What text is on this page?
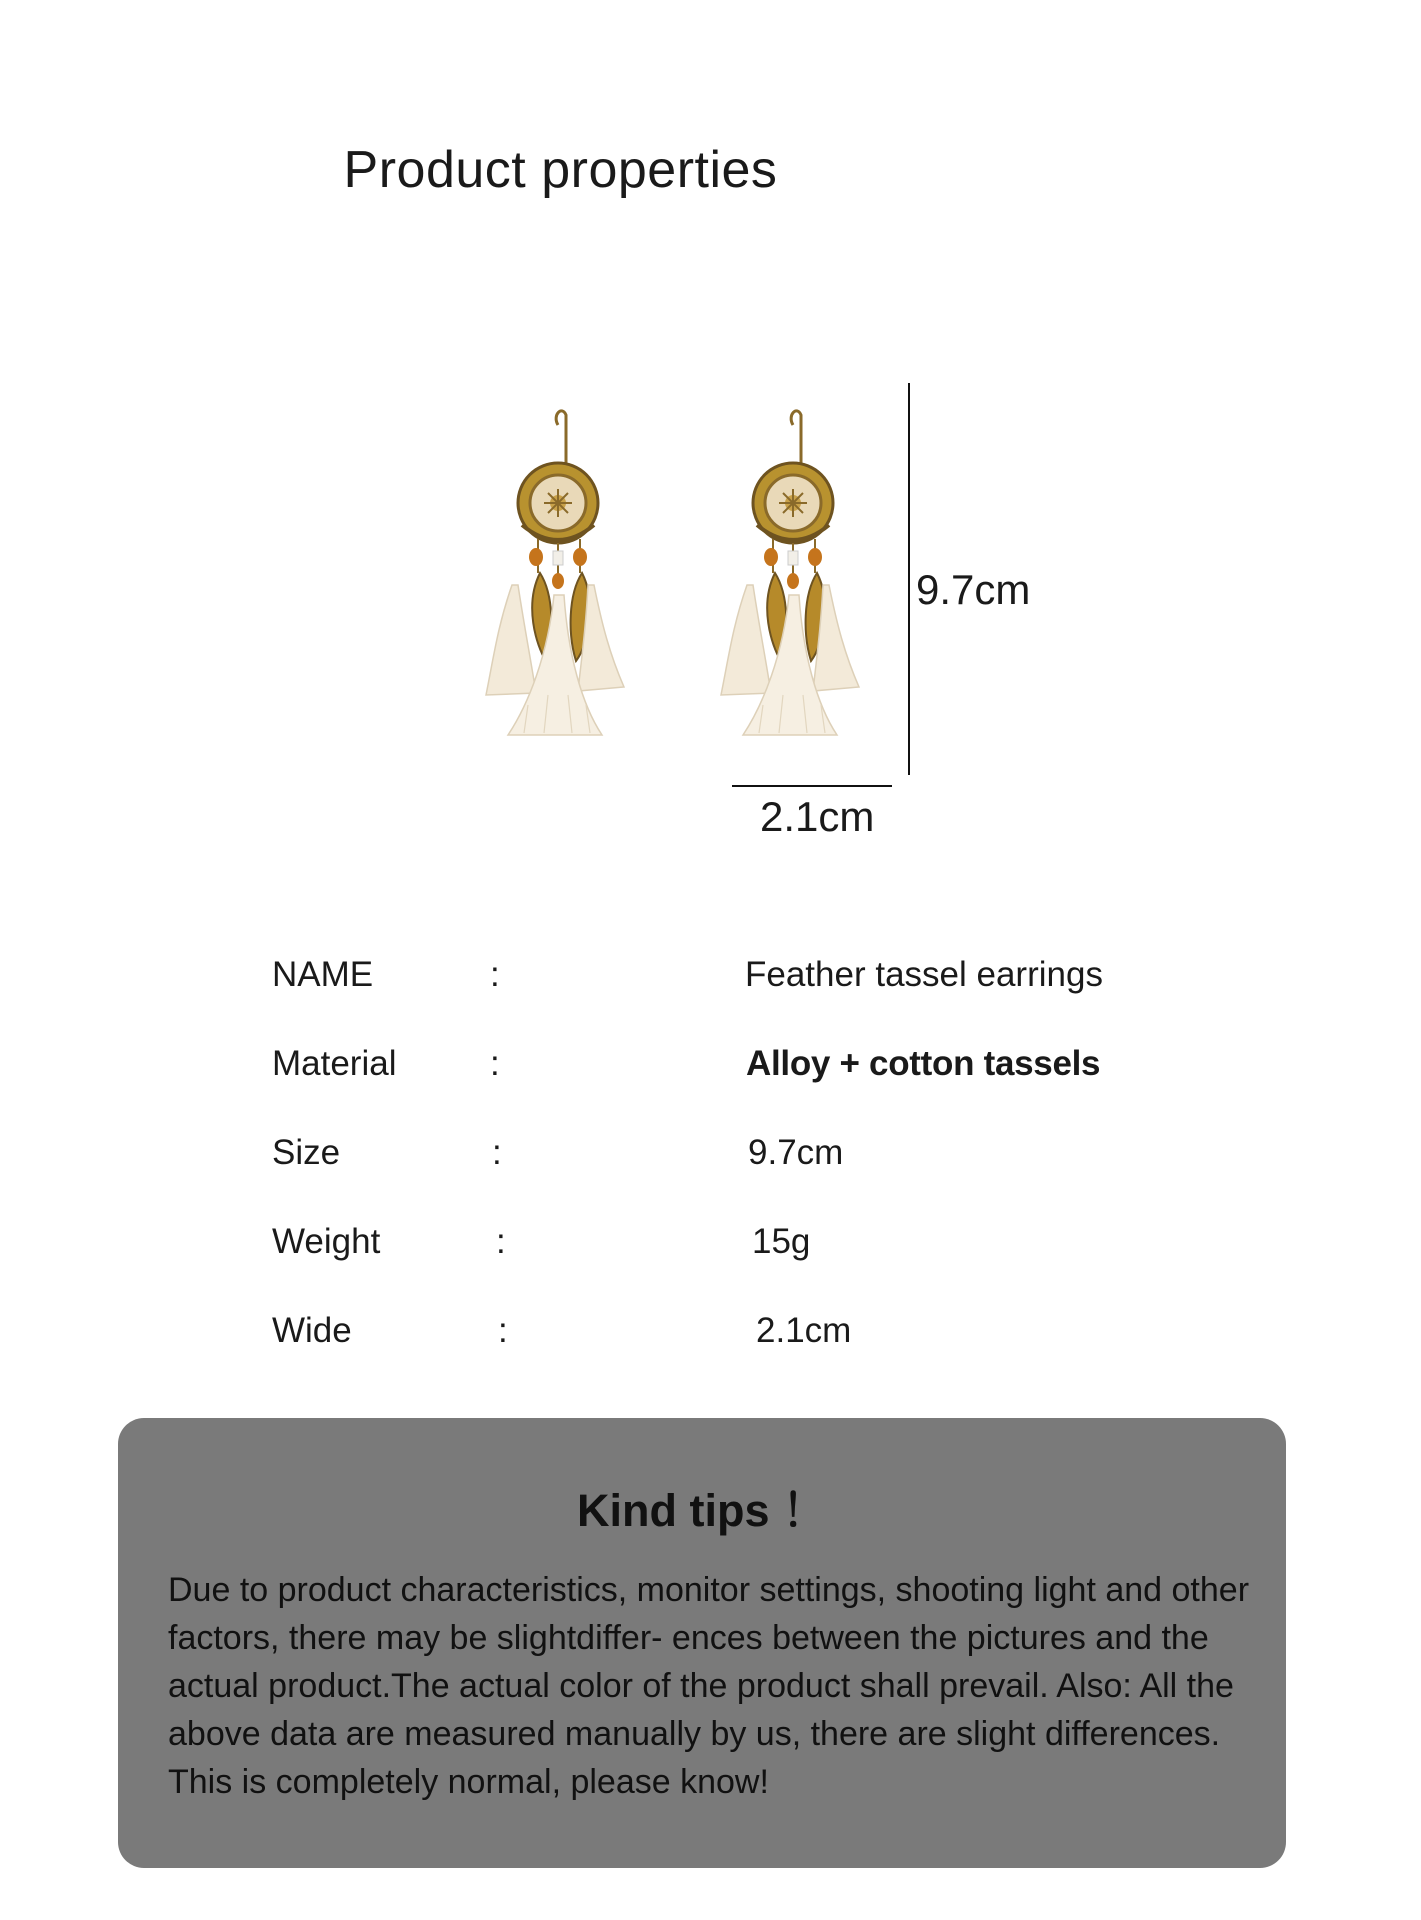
Product properties
9.7cm
2.1cm
NAME	:	Feather tassel earrings
Material	:	Alloy + cotton tassels
Size	:	9.7cm
Weight	:	15g
Wide	:	2.1cm
Kind tips ！
Due to product characteristics, monitor settings, shooting light and other factors, there may be slightdiffer- ences between the pictures and the actual product.The actual color of the product shall prevail. Also: All the above data are measured manually by us, there are slight differences. This is completely normal, please know!
